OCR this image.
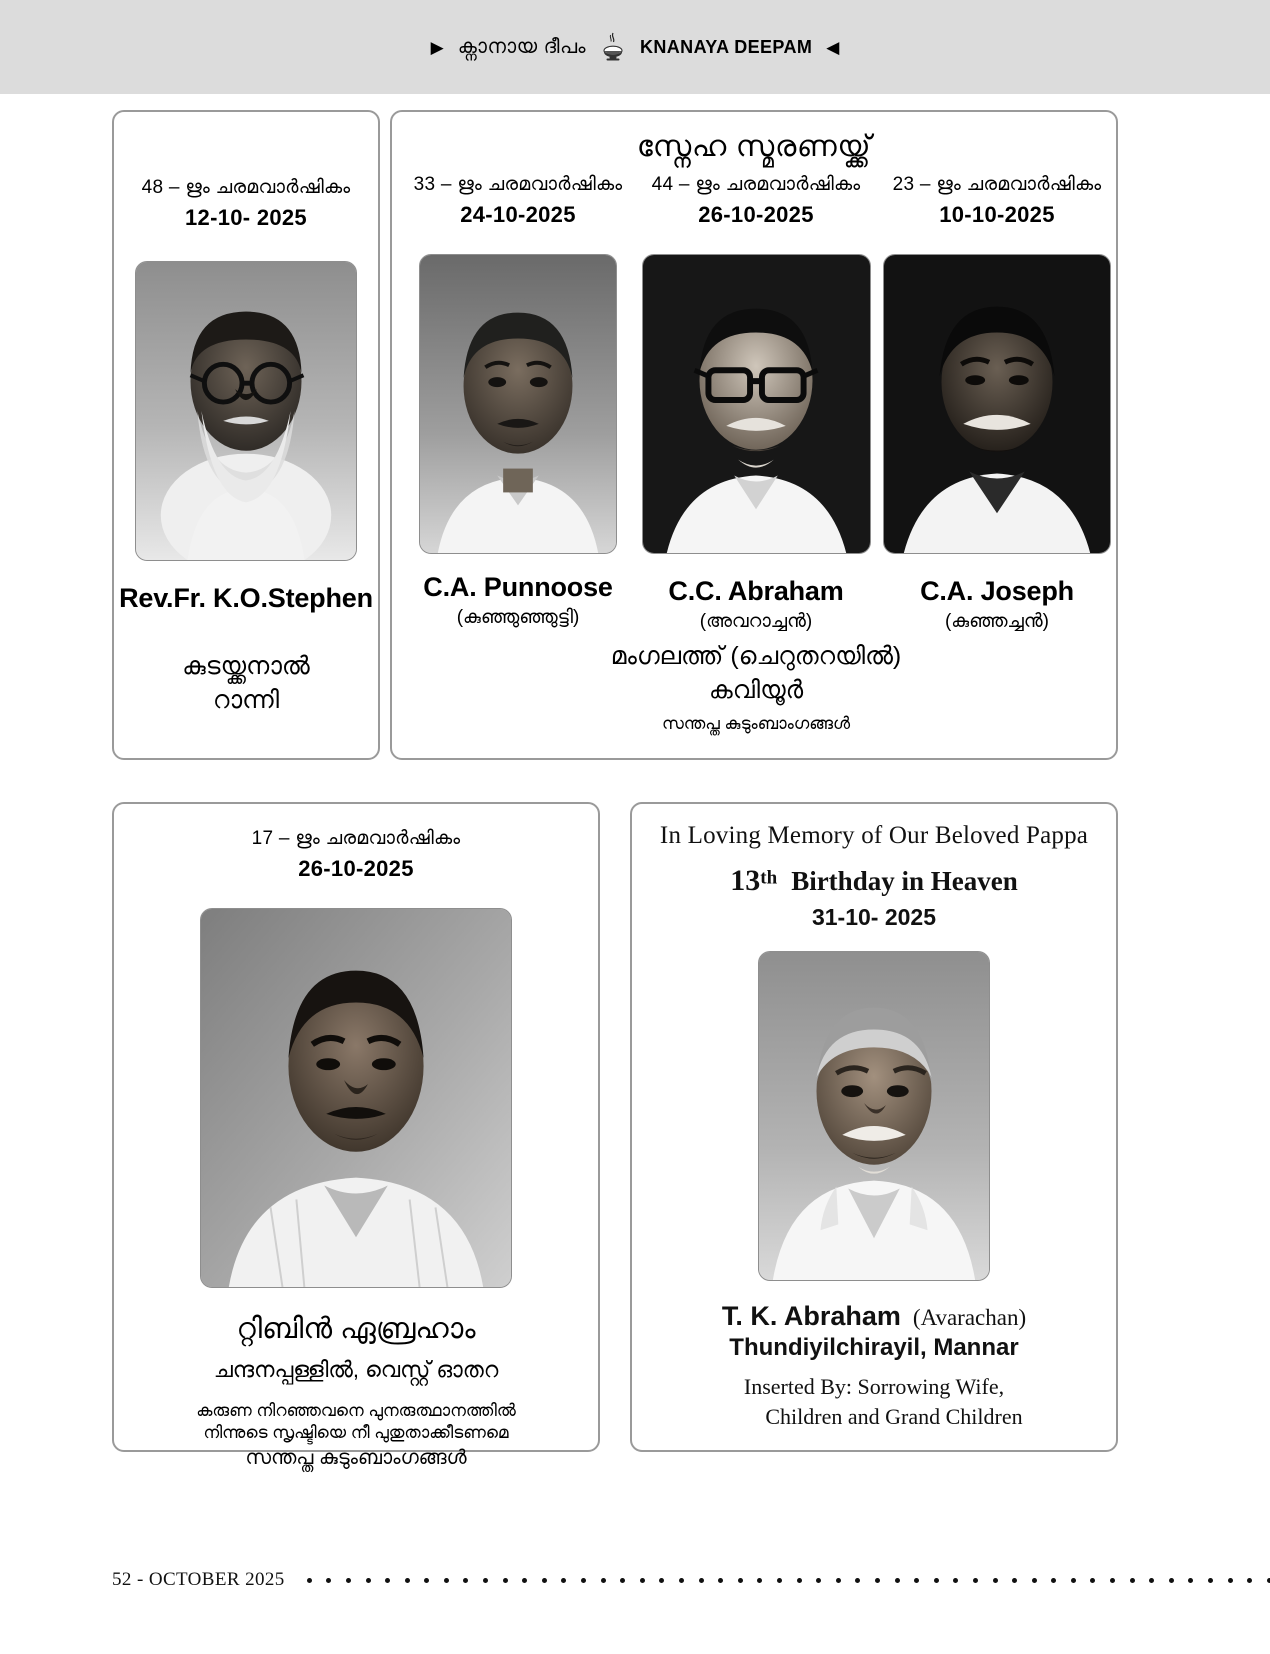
▶ ക്നാനായ ദീപം	KNANAYA DEEPAM ◀
48 – ഋം ചരമവാർഷികം
12-10- 2025
Rev.Fr. K.O.Stephen
കുടയ്ക്കനാൽ
റാന്നി
സ്നേഹ സ്മരണയ്ക്ക്
33 – ഋം ചരമവാർഷികം
24-10-2025
C.A. Punnoose
(കുഞ്ഞുഞ്ഞുട്ടി)
44 – ഋം ചരമവാർഷികം
26-10-2025
C.C. Abraham
(അവറാച്ചൻ)
23 – ഋം ചരമവാർഷികം
10-10-2025
C.A. Joseph
(കുഞ്ഞച്ചൻ)
മംഗലത്ത് (ചെറുതറയിൽ)
കവിയൂർ
സന്തപ്ത കുടുംബാംഗങ്ങൾ
17 – ഋം ചരമവാർഷികം
26-10-2025
റ്റിബിൻ ഏബ്രഹാം
ചന്ദനപ്പള്ളിൽ, വെസ്റ്റ് ഓതറ
കരുണ നിറഞ്ഞവനെ പുനരുത്ഥാനത്തിൽ
നിന്നുടെ സൃഷ്ടിയെ നീ പുതുതാക്കീടണമെ
സന്തപ്ത കുടുംബാംഗങ്ങൾ
In Loving Memory of Our Beloved Pappa
13th Birthday in Heaven
31-10- 2025
T. K. Abraham (Avarachan)
Thundiyilchirayil, Mannar
Inserted By: Sorrowing Wife,
Children and Grand Children
52 - OCTOBER 2025
